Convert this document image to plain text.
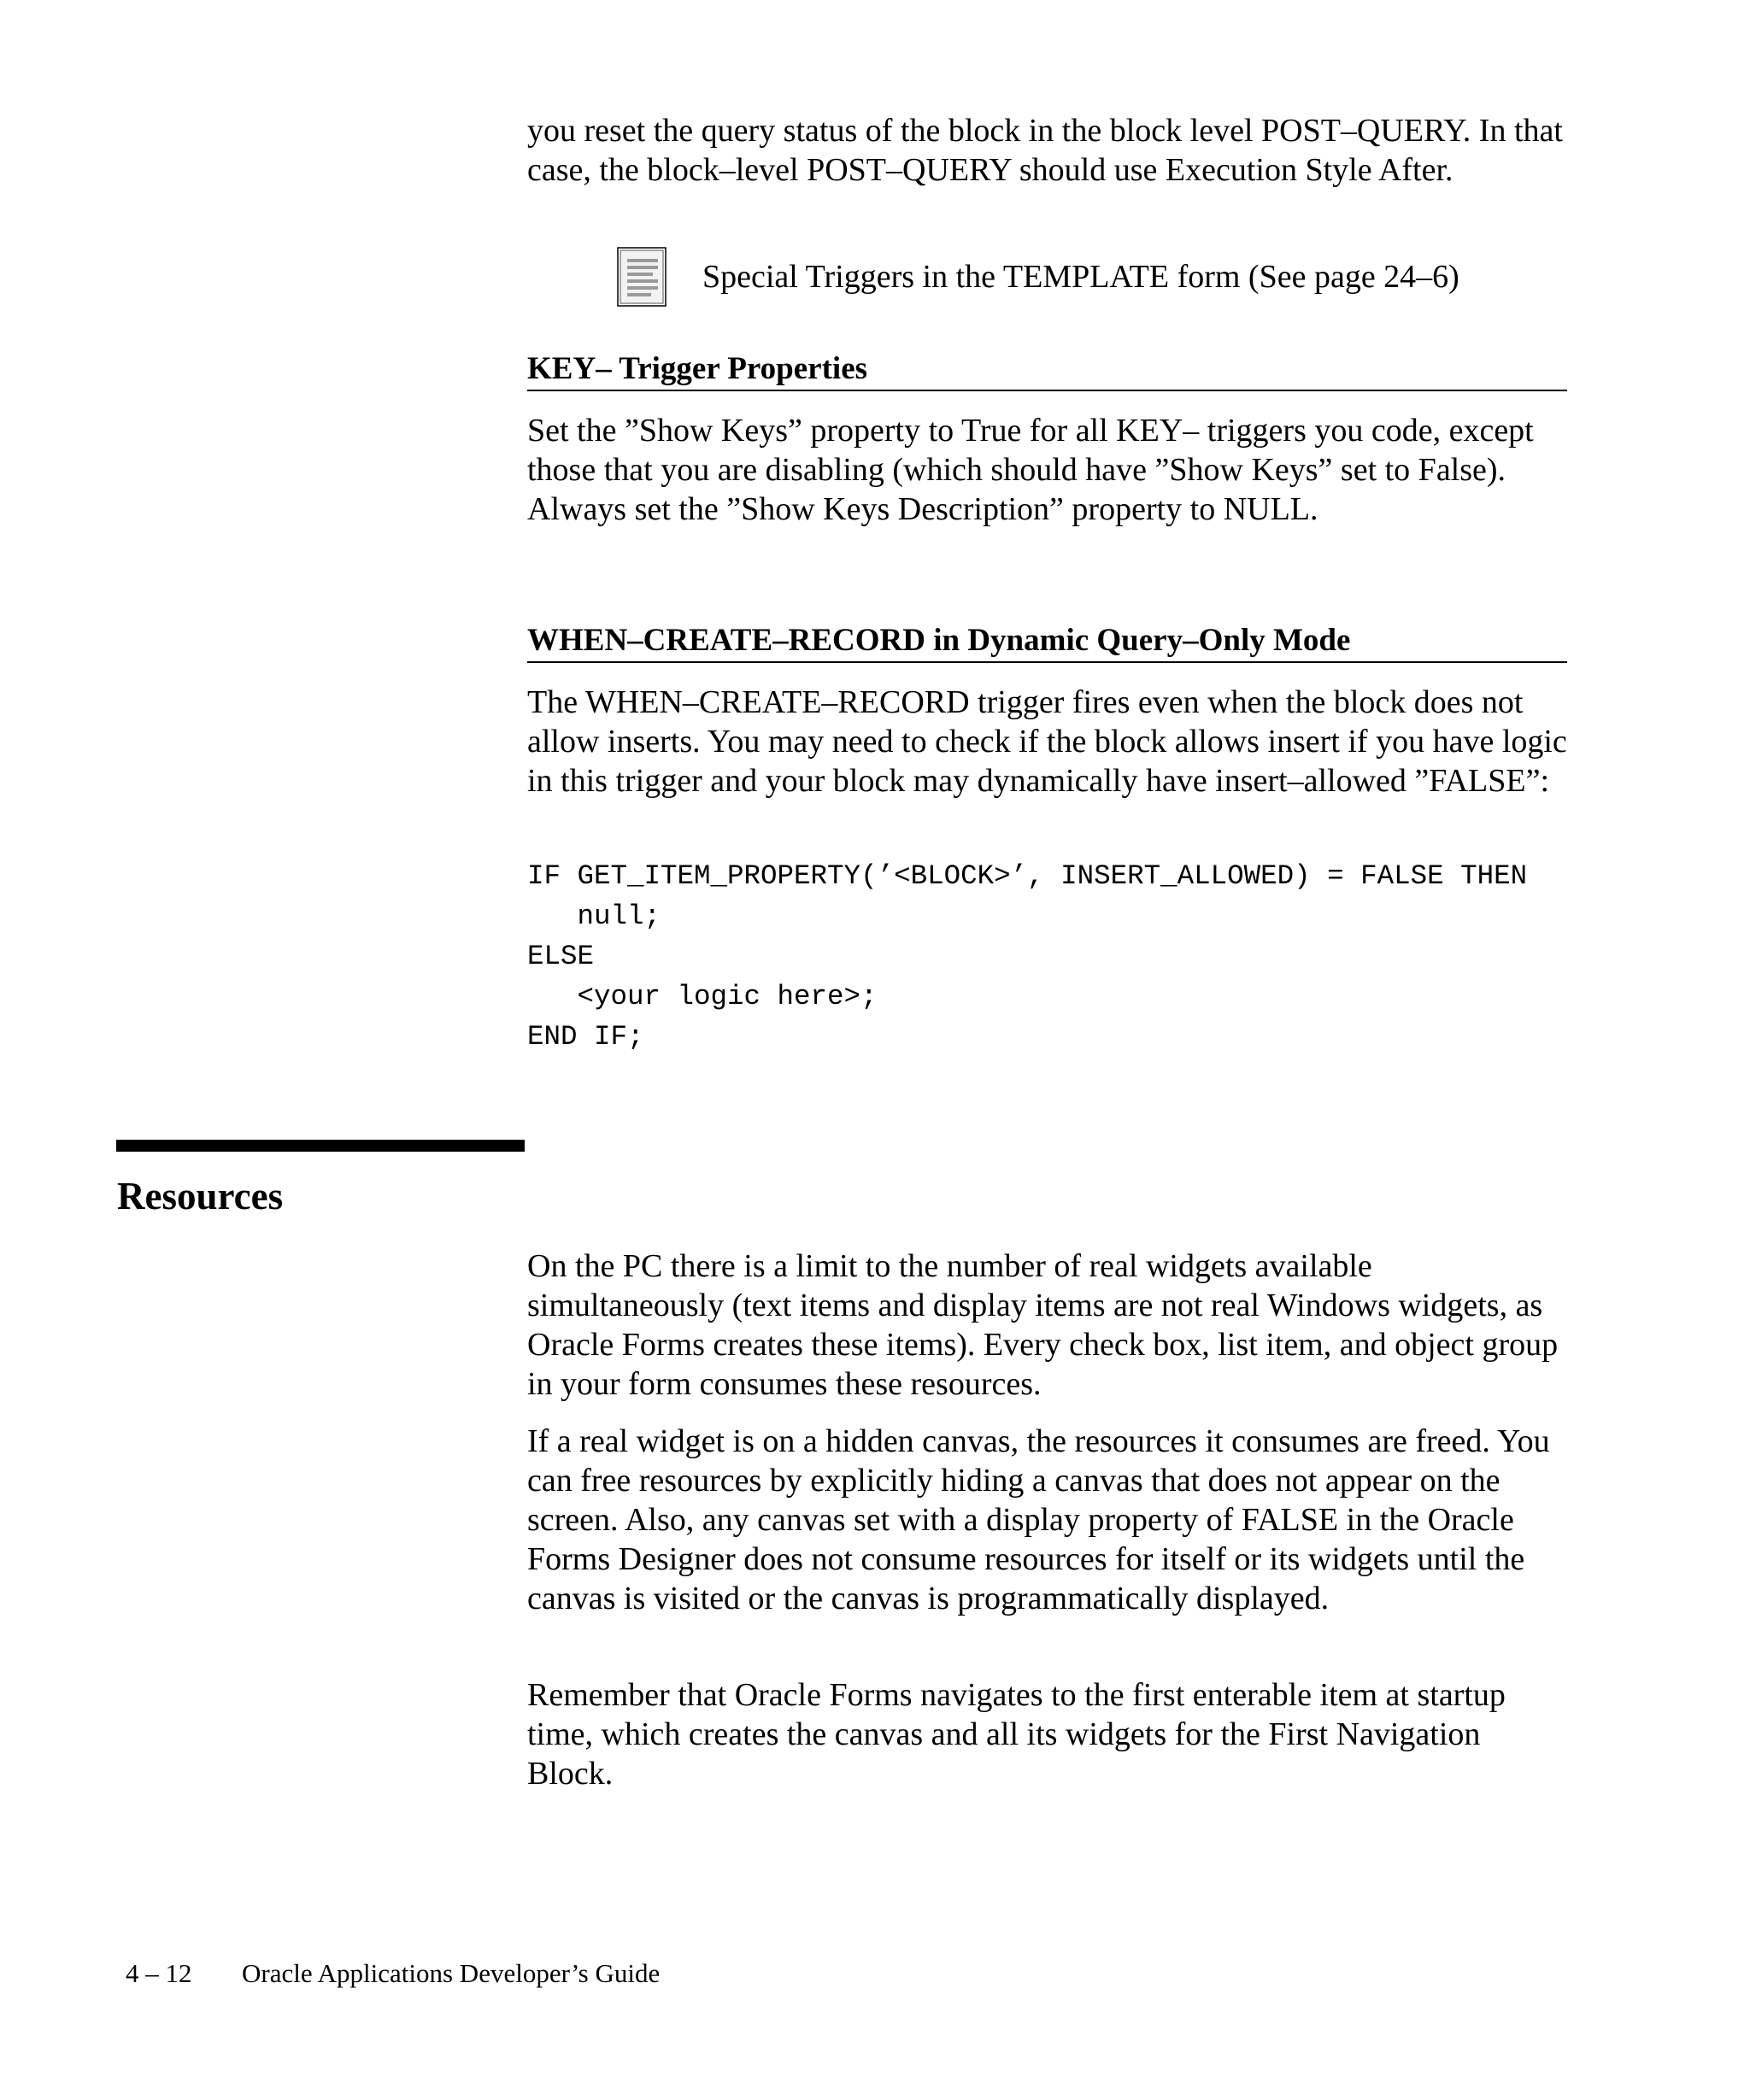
you reset the query status of the block in the block level POST–QUERY. In that case, the block–level POST–QUERY should use Execution Style After.

Special Triggers in the TEMPLATE form (See page 24–6)
KEY– Trigger Properties

Set the ”Show Keys” property to True for all KEY– triggers you code, except those that you are disabling (which should have ”Show Keys” set to False). Always set the ”Show Keys Description” property to NULL.

WHEN–CREATE–RECORD in Dynamic Query–Only Mode

The WHEN–CREATE–RECORD trigger fires even when the block does not allow inserts. You may need to check if the block allows insert if you have logic in this trigger and your block may dynamically have insert–allowed ”FALSE”:

IF GET_ITEM_PROPERTY(’<BLOCK>’, INSERT_ALLOWED) = FALSE THEN
null;
ELSE
<your logic here>;
END IF;
Resources

On the PC there is a limit to the number of real widgets available simultaneously (text items and display items are not real Windows widgets, as Oracle Forms creates these items). Every check box, list item, and object group in your form consumes these resources.

If a real widget is on a hidden canvas, the resources it consumes are freed. You can free resources by explicitly hiding a canvas that does not appear on the screen. Also, any canvas set with a display property of FALSE in the Oracle Forms Designer does not consume resources for itself or its widgets until the canvas is visited or the canvas is programmatically displayed.

Remember that Oracle Forms navigates to the first enterable item at startup time, which creates the canvas and all its widgets for the First Navigation Block.

4 – 12 Oracle Applications Developer’s Guide
